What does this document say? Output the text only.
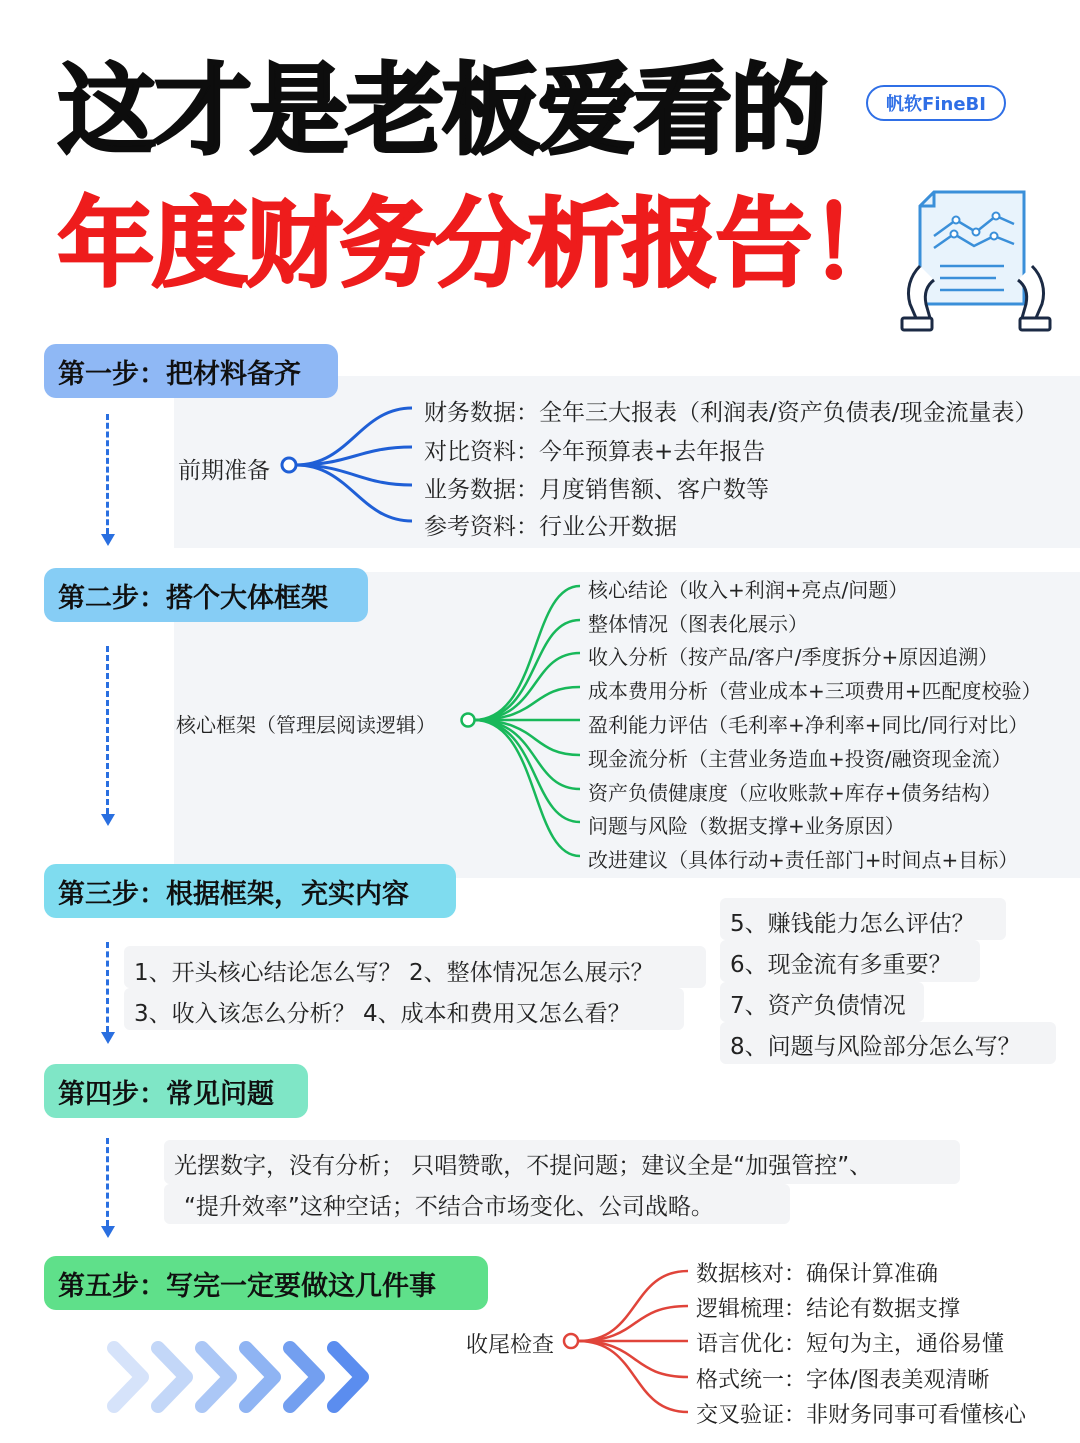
这才是老板爱看的
年度财务分析报告！
帆软FineBI
第一步：把材料备齐
前期准备
财务数据：全年三大报表（利润表/资产负债表/现金流量表）
对比资料：今年预算表+去年报告
业务数据：月度销售额、客户数等
参考资料：行业公开数据
第二步：搭个大体框架
核心框架（管理层阅读逻辑）
核心结论（收入+利润+亮点/问题）
整体情况（图表化展示）
收入分析（按产品/客户/季度拆分+原因追溯）
成本费用分析（营业成本+三项费用+匹配度校验）
盈利能力评估（毛利率+净利率+同比/同行对比）
现金流分析（主营业务造血+投资/融资现金流）
资产负债健康度（应收账款+库存+债务结构）
问题与风险（数据支撑+业务原因）
改进建议（具体行动+责任部门+时间点+目标）
第三步：根据框架，充实内容
1、开头核心结论怎么写？ 2、整体情况怎么展示？
3、收入该怎么分析？ 4、成本和费用又怎么看？
5、赚钱能力怎么评估？
6、现金流有多重要？
7、资产负债情况
8、问题与风险部分怎么写？
第四步：常见问题
光摆数字，没有分析； 只唱赞歌，不提问题；建议全是“加强管控”、
“提升效率”这种空话；不结合市场变化、公司战略。
第五步：写完一定要做这几件事
收尾检查
数据核对：确保计算准确
逻辑梳理：结论有数据支撑
语言优化：短句为主，通俗易懂
格式统一：字体/图表美观清晰
交叉验证：非财务同事可看懂核心
